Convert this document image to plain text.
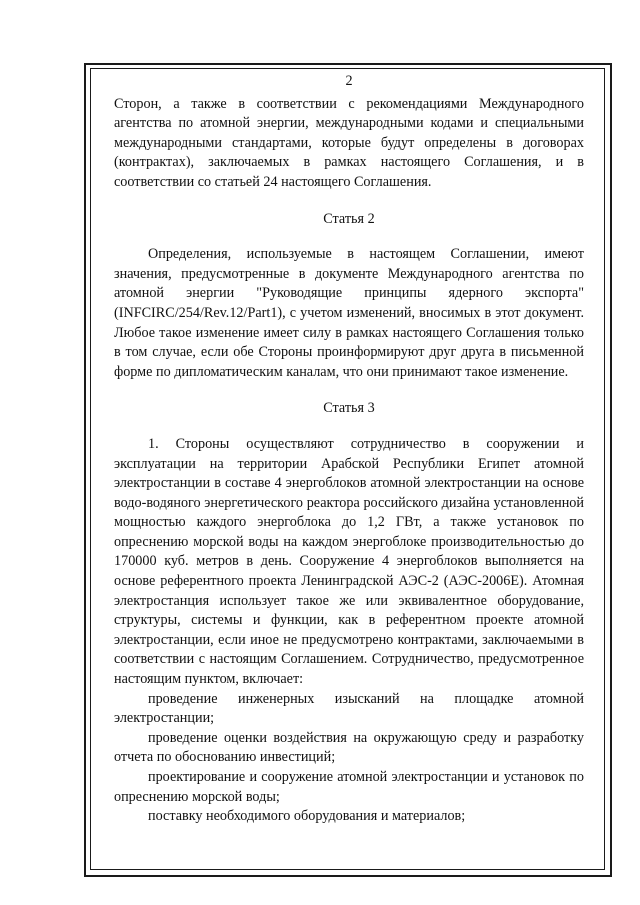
2

Сторон, а также в соответствии с рекомендациями Международного агентства по атомной энергии, международными кодами и специальными международными стандартами, которые будут определены в договорах (контрактах), заключаемых в рамках настоящего Соглашения, и в соответствии со статьей 24 настоящего Соглашения.

Статья 2

Определения, используемые в настоящем Соглашении, имеют значения, предусмотренные в документе Международного агентства по атомной энергии "Руководящие принципы ядерного экспорта" (INFCIRC/254/Rev.12/Part1), с учетом изменений, вносимых в этот документ. Любое такое изменение имеет силу в рамках настоящего Соглашения только в том случае, если обе Стороны проинформируют друг друга в письменной форме по дипломатическим каналам, что они принимают такое изменение.

Статья 3

1. Стороны осуществляют сотрудничество в сооружении и эксплуатации на территории Арабской Республики Египет атомной электростанции в составе 4 энергоблоков атомной электростанции на основе водо-водяного энергетического реактора российского дизайна установленной мощностью каждого энергоблока до 1,2 ГВт, а также установок по опреснению морской воды на каждом энергоблоке производительностью до 170000 куб. метров в день. Сооружение 4 энергоблоков выполняется на основе референтного проекта Ленинградской АЭС-2 (АЭС-2006Е). Атомная электростанция использует такое же или эквивалентное оборудование, структуры, системы и функции, как в референтном проекте атомной электростанции, если иное не предусмотрено контрактами, заключаемыми в соответствии с настоящим Соглашением. Сотрудничество, предусмотренное настоящим пунктом, включает:

проведение инженерных изысканий на площадке атомной электростанции;

проведение оценки воздействия на окружающую среду и разработку отчета по обоснованию инвестиций;

проектирование и сооружение атомной электростанции и установок по опреснению морской воды;

поставку необходимого оборудования и материалов;
